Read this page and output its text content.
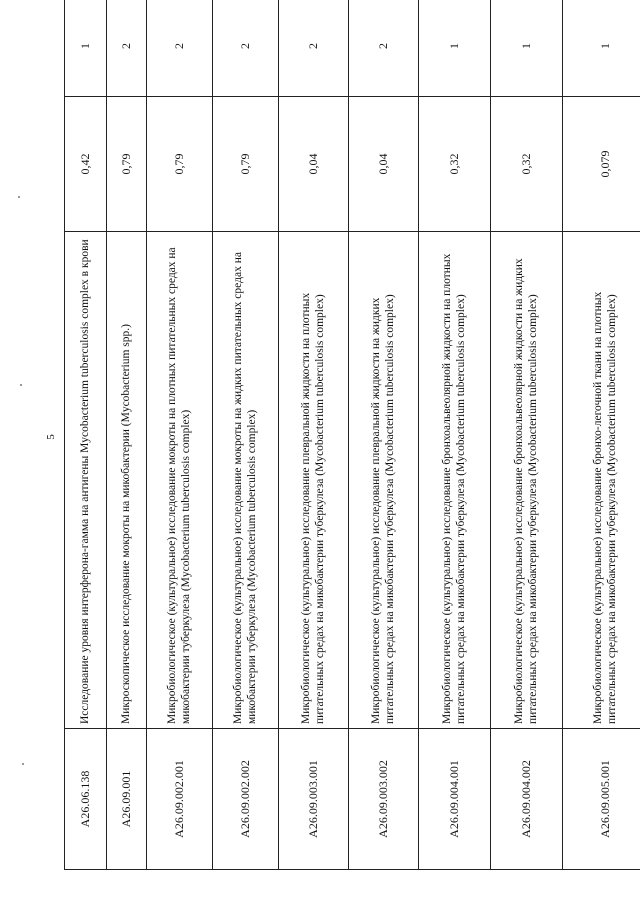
5
A26.06.138	Исследование уровня интерферона-гамма на антигены Mycobacterium tuberculosis complex в крови	0,42	1
A26.09.001	Микроскопическое исследование мокроты на микобактерии (Mycobacterium spp.)	0,79	2
A26.09.002.001	Микробиологическое (культуральное) исследование мокроты на плотных питательных средах на микобактерии туберкулеза (Mycobacterium tuberculosis complex)	0,79	2
A26.09.002.002	Микробиологическое (культуральное) исследование мокроты на жидких питательных средах на микобактерии туберкулеза (Mycobacterium tuberculosis complex)	0,79	2
A26.09.003.001	Микробиологическое (культуральное) исследование плевральной жидкости на плотных питательных средах на микобактерии туберкулеза (Mycobacterium tuberculosis complex)	0,04	2
A26.09.003.002	Микробиологическое (культуральное) исследование плевральной жидкости на жидких питательных средах на микобактерии туберкулеза (Mycobacterium tuberculosis complex)	0,04	2
A26.09.004.001	Микробиологическое (культуральное) исследование бронхоальвеолярной жидкости на плотных питательных средах на микобактерии туберкулеза (Mycobacterium tuberculosis complex)	0,32	1
A26.09.004.002	Микробиологическое (культуральное) исследование бронхоальвеолярной жидкости на жидких питательных средах на микобактерии туберкулеза (Mycobacterium tuberculosis complex)	0,32	1
A26.09.005.001	Микробиологическое (культуральное) исследование бронхо-легочной ткани на плотных питательных средах на микобактерии туберкулеза (Mycobacterium tuberculosis complex)	0,079	1
